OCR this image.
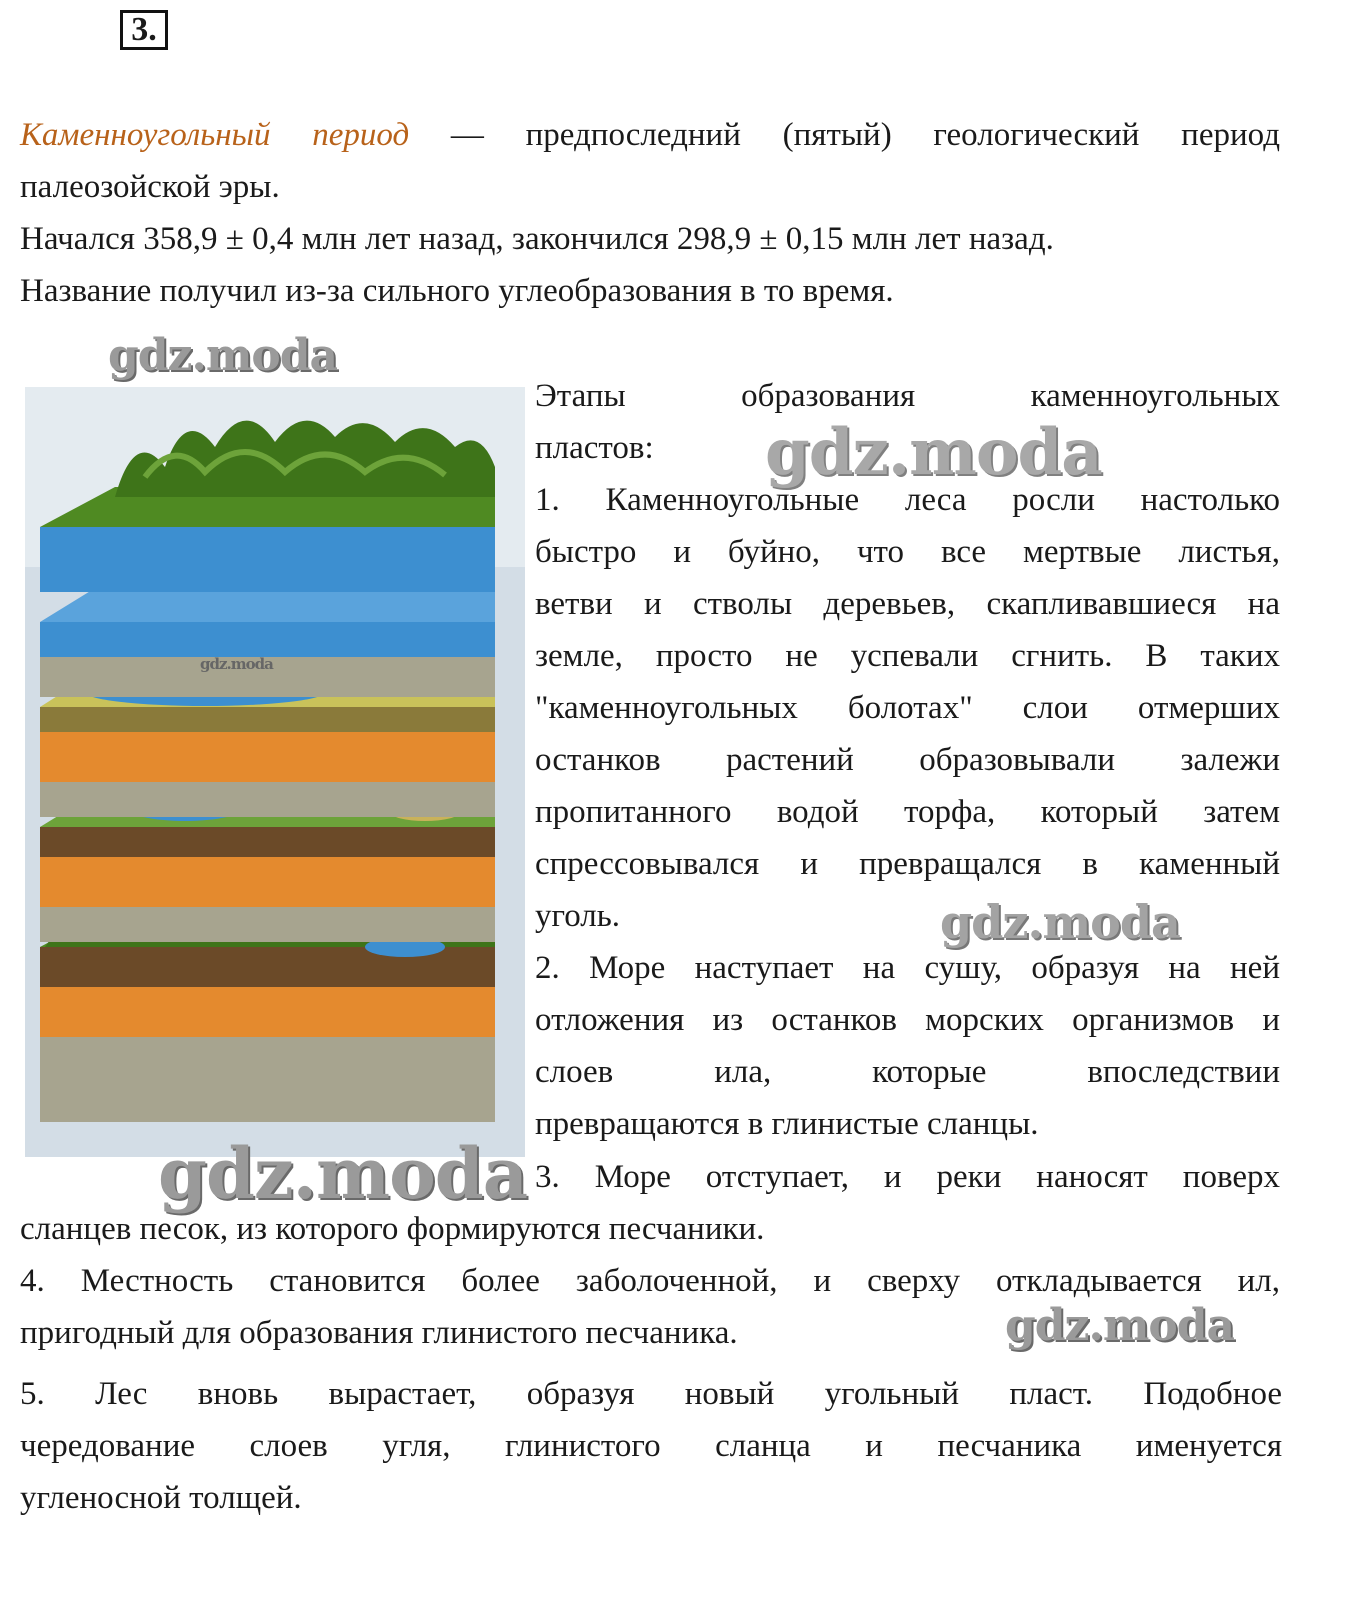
3.
Каменноугольный период — предпоследний (пятый) геологический период
палеозойской эры.
Начался 358,9 ± 0,4 млн лет назад, закончился 298,9 ± 0,15 млн лет назад.
Название получил из-за сильного углеобразования в то время.
Этапы образования каменноугольных
пластов:
1. Каменноугольные леса росли настолько
быстро и буйно, что все мертвые листья,
ветви и стволы деревьев, скапливавшиеся на
земле, просто не успевали сгнить. В таких
"каменноугольных болотах" слои отмерших
останков растений образовывали залежи
пропитанного водой торфа, который затем
спрессовывался и превращался в каменный
уголь.
2. Море наступает на сушу, образуя на ней
отложения из останков морских организмов и
слоев ила, которые впоследствии
превращаются в глинистые сланцы.
3. Море отступает, и реки наносят поверх
сланцев песок, из которого формируются песчаники.
4. Местность становится более заболоченной, и сверху откладывается ил,
пригодный для образования глинистого песчаника.
5. Лес вновь вырастает, образуя новый угольный пласт. Подобное
чередование слоев угля, глинистого сланца и песчаника именуется
угленосной толщей.
gdz.moda
gdz.moda
gdz.moda
gdz.moda
gdz.moda
gdz.moda
